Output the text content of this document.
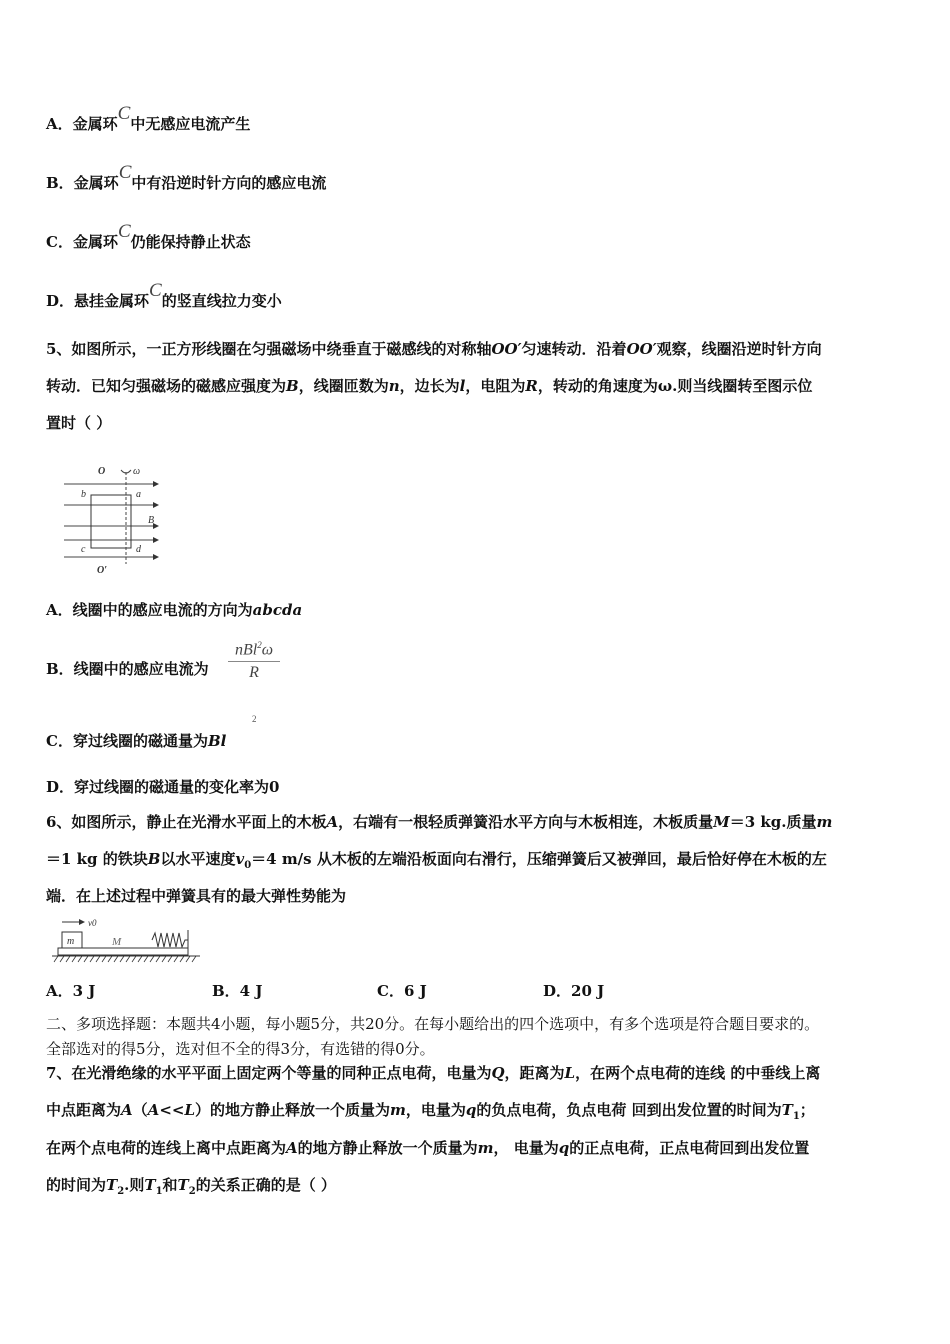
A．金属环C中无感应电流产生
B．金属环C中有沿逆时针方向的感应电流
C．金属环C仍能保持静止状态
D．悬挂金属环C的竖直线拉力变小
5、如图所示，一正方形线圈在匀强磁场中绕垂直于磁感线的对称轴OO′匀速转动．沿着OO′观察，线圈沿逆时针方向
转动．已知匀强磁场的磁感应强度为B，线圈匝数为n，边长为l，电阻为R，转动的角速度为ω.则当线圈转至图示位
置时（ ）
O	ω
b	a
B
c	d
O′
A．线圈中的感应电流的方向为abcda
B．线圈中的感应电流为
nBl$^2$ω
R
C．穿过线圈的磁通量为Bl
2
D．穿过线圈的磁通量的变化率为0
6、如图所示，静止在光滑水平面上的木板A，右端有一根轻质弹簧沿水平方向与木板相连，木板质量M＝3 kg.质量m
＝1 kg 的铁块B以水平速度$v_0=4$ m/s 从木板的左端沿板面向右滑行，压缩弹簧后又被弹回，最后恰好停在木板的左
端．在上述过程中弹簧具有的最大弹性势能为
v0
m	M
A．3 J	B．4 J	C．6 J	D．20 J
二、多项选择题：本题共4小题，每小题5分，共20分。在每小题给出的四个选项中，有多个选项是符合题目要求的。
全部选对的得5分，选对但不全的得3分，有选错的得0分。
7、在光滑绝缘的水平平面上固定两个等量的同种正点电荷，电量为Q，距离为L，在两个点电荷的连线 的中垂线上离
中点距离为A（A<<L）的地方静止释放一个质量为m，电量为q的负点电荷，负点电荷 回到出发位置的时间为$T_1$；
在两个点电荷的连线上离中点距离为A的地方静止释放一个质量为m， 电量为q的正点电荷，正点电荷回到出发位置
的时间为$T_2$.则$T_1$和$T_2$的关系正确的是（ ）
